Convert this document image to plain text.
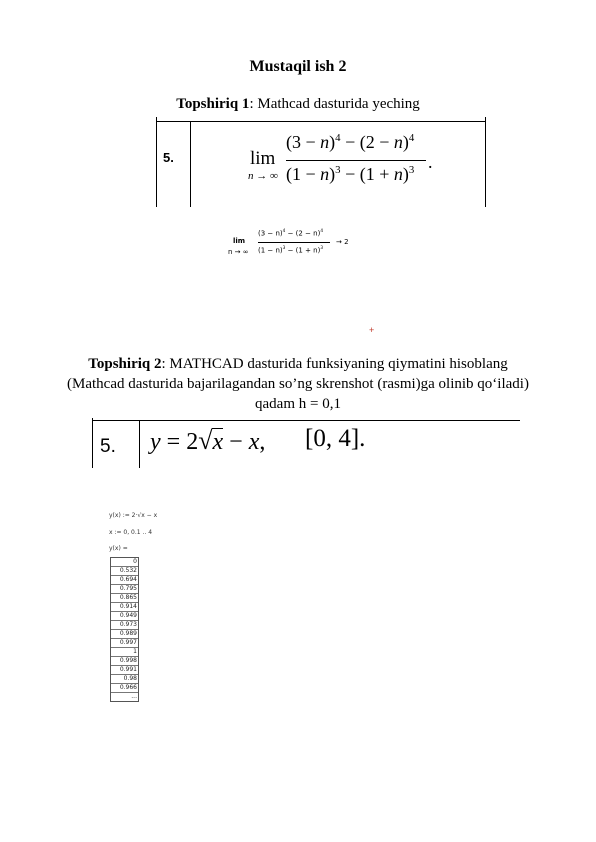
Mustaqil ish 2
Topshiriq 1: Mathcad dasturida yeching
5.	lim
n → ∞
$(3 - n)^4 - (2 - n)^4$
$(1 - n)^3 - (1 + n)^3$ .
lim
n → ∞
$(3 - n)^4 - (2 - n)^4$
$(1 - n)^3 - (1 + n)^3$
→ 2
+
Topshiriq 2: MATHCAD dasturida funksiyaning qiymatini hisoblang (Mathcad dasturida bajarilagandan so’ng skrenshot (rasmi)ga olinib qo‘iladi) qadam h = 0,1
5. y = 2√x − x, [0, 4].
y(x) := 2·√x − x
x := 0, 0.1 .. 4
y(x) =
0
0.532
0.694
0.795
0.865
0.914
0.949
0.973
0.989
0.997
1
0.998
0.991
0.98
0.966
...
